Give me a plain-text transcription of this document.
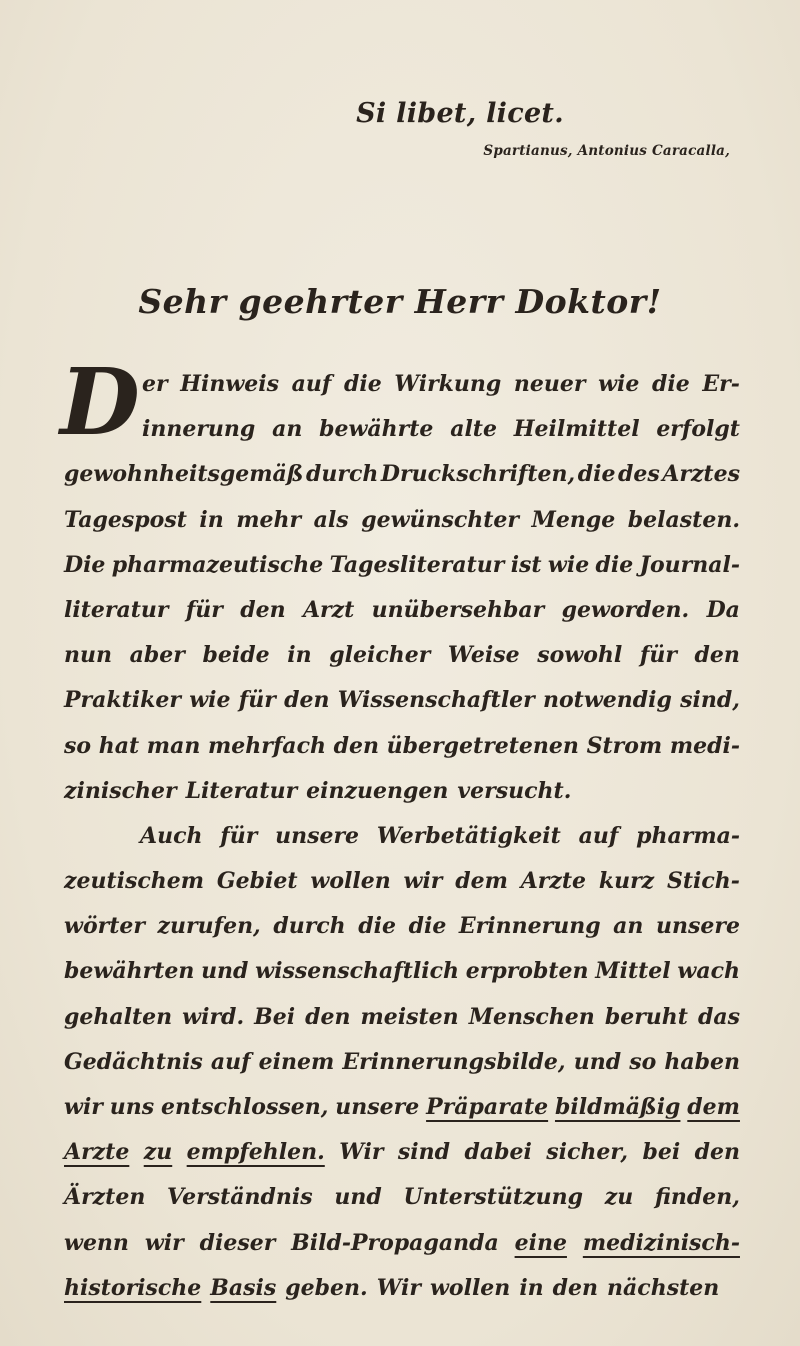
Si libet, licet.
Spartianus, Antonius Caracalla,
Sehr geehrter Herr Doktor!
D er Hinweis auf die Wirkung neuer wie die Er-
innerung an bewährte alte Heilmittel erfolgt
gewohnheitsgemäß durch Druckschriften, die des Arztes
Tagespost in mehr als gewünschter Menge belasten.
Die pharmazeutische Tagesliteratur ist wie die Journal-
literatur für den Arzt unübersehbar geworden. Da
nun aber beide in gleicher Weise sowohl für den
Praktiker wie für den Wissenschaftler notwendig sind,
so hat man mehrfach den übergetretenen Strom medi-
zinischer Literatur einzuengen versucht.
Auch für unsere Werbetätigkeit auf pharma-
zeutischem Gebiet wollen wir dem Arzte kurz Stich-
wörter zurufen, durch die die Erinnerung an unsere
bewährten und wissenschaftlich erprobten Mittel wach
gehalten wird. Bei den meisten Menschen beruht das
Gedächtnis auf einem Erinnerungsbilde, und so haben
wir uns entschlossen, unsere Präparate bildmäßig dem
Arzte zu empfehlen. Wir sind dabei sicher, bei den
Ärzten Verständnis und Unterstützung zu finden,
wenn wir dieser Bild-Propaganda eine medizinisch-
historische Basis geben. Wir wollen in den nächsten
